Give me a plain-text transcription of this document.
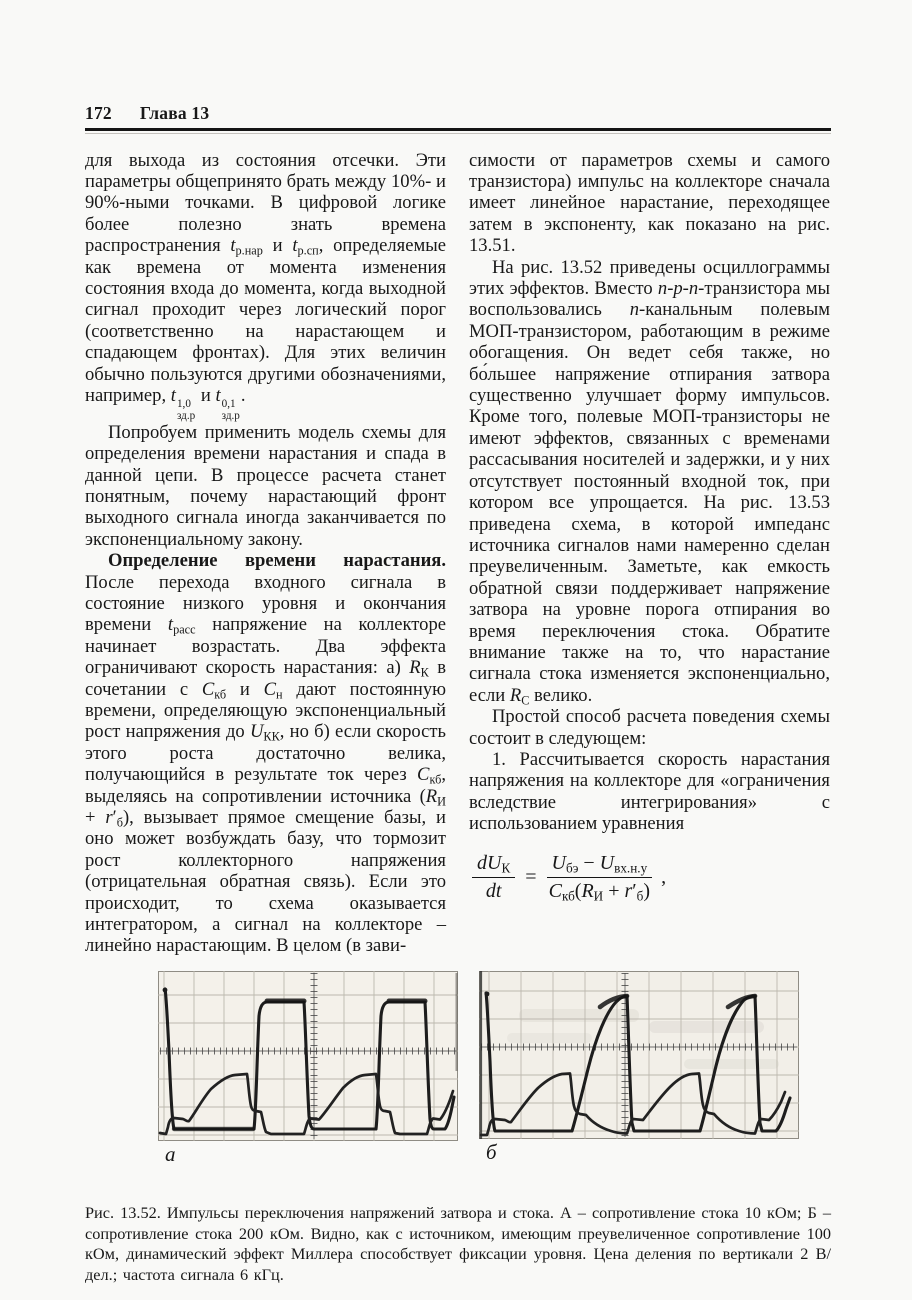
172 Глава 13

для выхода из состояния отсечки. Эти параметры общепринято брать между 10%- и 90%-ными точками. В цифровой логике более полезно знать времена распространения $t_{р.нар}$ и $t_{р.сп}$, определяемые как времена от момента изменения состояния входа до момента, когда выходной сигнал проходит через логический порог (соответственно на нарастающем и спадающем фронтах). Для этих величин обычно пользуются другими обозначениями, например, t 1,0
зд.р
и t 0,1
зд.р
.

Попробуем применить модель схемы для определения времени нарастания и спада в данной цепи. В процессе расчета станет понятным, почему нарастающий фронт выходного сигнала иногда заканчивается по экспоненциальному закону.

Определение времени нарастания. После перехода входного сигнала в состояние низкого уровня и окончания времени $t_{расс}$ напряжение на коллекторе начинает возрастать. Два эффекта ограничивают скорость нарастания: а) $R_К$ в сочетании с $C_{кб}$ и $C_н$ дают постоянную времени, определяющую экспоненциальный рост напряжения до $U_{КК}$, но б) если скорость этого роста достаточно велика, получающийся в результате ток через $C_{кб}$, выделяясь на сопротивлении источника $(R_И + r'_б)$, вызывает прямое смещение базы, и оно может возбуждать базу, что тормозит рост коллекторного напряжения (отрицательная обратная связь). Если это происходит, то схема оказывается интегратором, а сигнал на коллекторе – линейно нарастающим. В целом (в зави-

симости от параметров схемы и самого транзистора) импульс на коллекторе сначала имеет линейное нарастание, переходящее затем в экспоненту, как показано на рис. 13.51.

На рис. 13.52 приведены осциллограммы этих эффектов. Вместо n-p-n-транзистора мы воспользовались n-канальным полевым МОП-транзистором, работающим в режиме обогащения. Он ведет себя также, но бо́льшее напряжение отпирания затвора существенно улучшает форму импульсов. Кроме того, полевые МОП-транзисторы не имеют эффектов, связанных с временами рассасывания носителей и задержки, и у них отсутствует постоянный входной ток, при котором все упрощается. На рис. 13.53 приведена схема, в которой импеданс источника сигналов нами намеренно сделан преувеличенным. Заметьте, как емкость обратной связи поддерживает напряжение затвора на уровне порога отпирания во время переключения стока. Обратите внимание также на то, что нарастание сигнала стока изменяется экспоненциально, если $R_С$ велико.

Простой способ расчета поведения схемы состоит в следующем:

1. Рассчитывается скорость нарастания напряжения на коллекторе для «ограничения вследствие интегрирования» с использованием уравнения

$\frac{dU_К}{dt} = \frac{U_{бэ} - U_{вх.н.у}}{C_{кб}(R_И + r'_б)}$ ,
а	б
Рис. 13.52. Импульсы переключения напряжений затвора и стока. А – сопротивление стока 10 кОм; Б – сопротивление стока 200 кОм. Видно, как с источником, имеющим преувеличенное сопротивление 100 кОм, динамический эффект Миллера способствует фиксации уровня. Цена деления по вертикали 2 В/дел.; частота сигнала 6 кГц.
